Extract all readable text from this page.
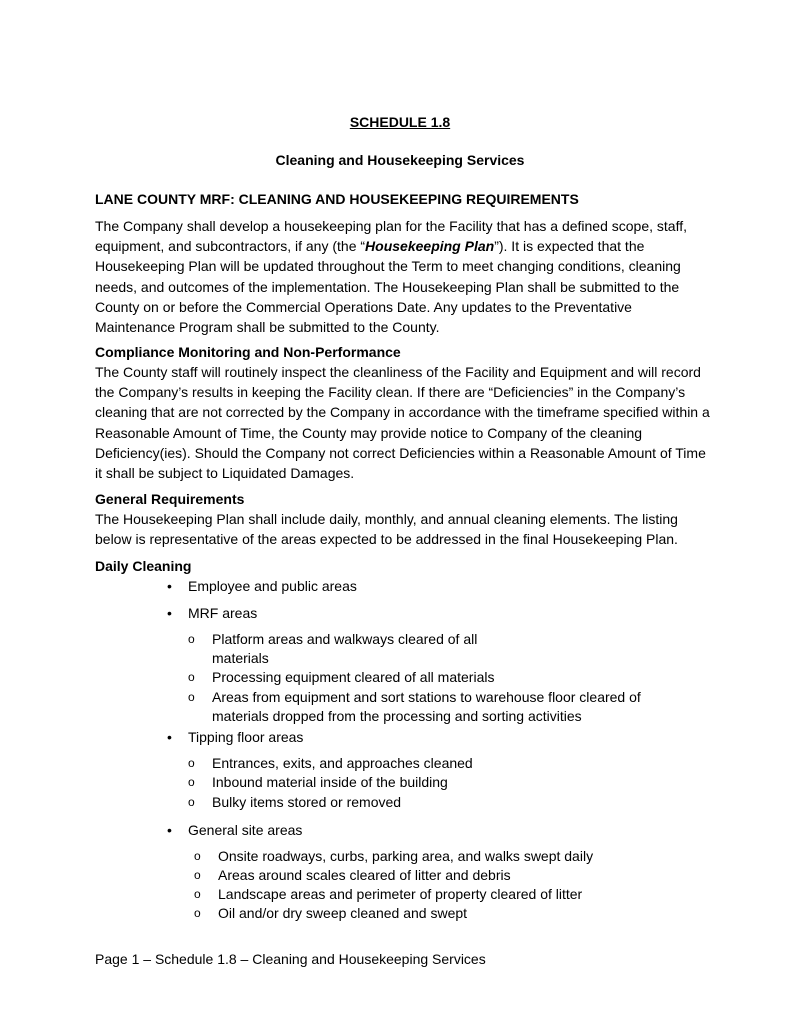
SCHEDULE 1.8
Cleaning and Housekeeping Services
LANE COUNTY MRF: CLEANING AND HOUSEKEEPING REQUIREMENTS

The Company shall develop a housekeeping plan for the Facility that has a defined scope, staff, equipment, and subcontractors, if any (the “Housekeeping Plan”). It is expected that the Housekeeping Plan will be updated throughout the Term to meet changing conditions, cleaning needs, and outcomes of the implementation. The Housekeeping Plan shall be submitted to the County on or before the Commercial Operations Date. Any updates to the Preventative Maintenance Program shall be submitted to the County.

Compliance Monitoring and Non-Performance

The County staff will routinely inspect the cleanliness of the Facility and Equipment and will record the Company’s results in keeping the Facility clean. If there are “Deficiencies” in the Company’s cleaning that are not corrected by the Company in accordance with the timeframe specified within a Reasonable Amount of Time, the County may provide notice to Company of the cleaning Deficiency(ies). Should the Company not correct Deficiencies within a Reasonable Amount of Time it shall be subject to Liquidated Damages.

General Requirements

The Housekeeping Plan shall include daily, monthly, and annual cleaning elements. The listing below is representative of the areas expected to be addressed in the final Housekeeping Plan.

Daily Cleaning
• Employee and public areas
• MRF areas
o Platform areas and walkways cleared of all
materials
o Processing equipment cleared of all materials
o Areas from equipment and sort stations to warehouse floor cleared of
materials dropped from the processing and sorting activities
• Tipping floor areas
o Entrances, exits, and approaches cleaned
o Inbound material inside of the building
o Bulky items stored or removed
• General site areas
o Onsite roadways, curbs, parking area, and walks swept daily
o Areas around scales cleared of litter and debris
o Landscape areas and perimeter of property cleared of litter
o Oil and/or dry sweep cleaned and swept
Page 1 – Schedule 1.8 – Cleaning and Housekeeping Services
